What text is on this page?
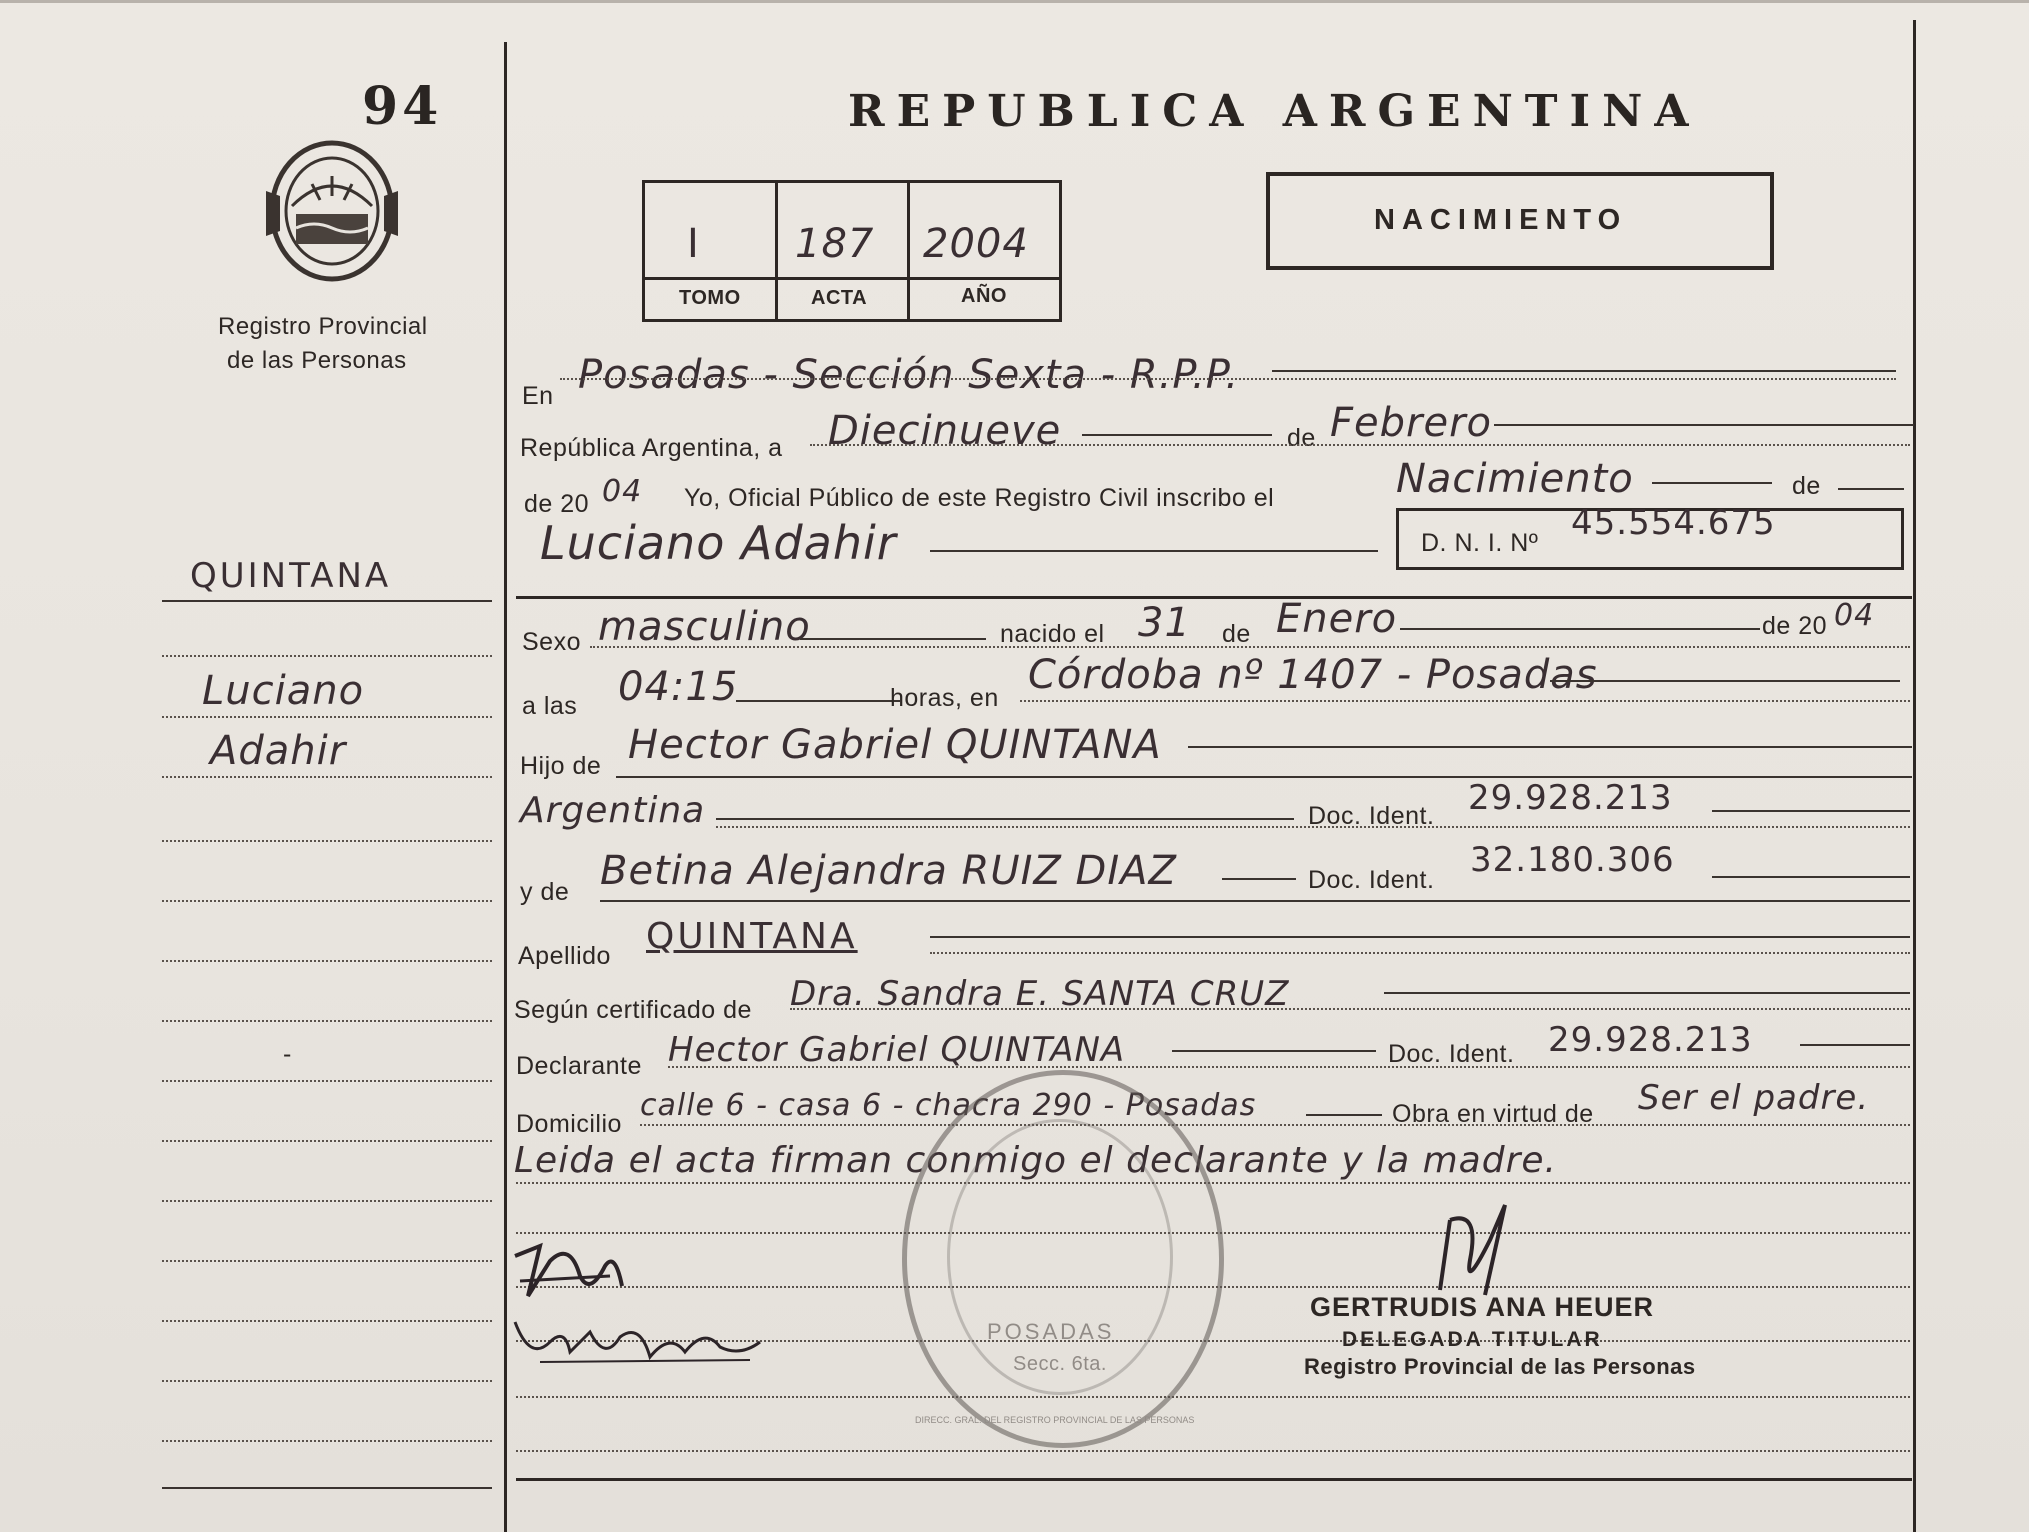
94
Registro Provincial
de las Personas
QUINTANA
Luciano
Adahir
-
REPUBLICA ARGENTINA
I 187 2004
TOMO	ACTA	AÑO
NACIMIENTO
En Posadas - Sección Sexta - R.P.P.
República Argentina, a Diecinueve	de Febrero
de 20 04 Yo, Oficial Público de este Registro Civil inscribo el	Nacimiento	de
Luciano Adahir	D. N. I. Nº 45.554.675
Sexo masculino	nacido el 31 de Enero	de 20 04
a las 04:15	horas, en Córdoba nº 1407 - Posadas
Hijo de Hector Gabriel QUINTANA
Argentina	Doc. Ident. 29.928.213
y de Betina Alejandra RUIZ DIAZ	Doc. Ident. 32.180.306
Apellido QUINTANA
Según certificado de Dra. Sandra E. SANTA CRUZ
Declarante Hector Gabriel QUINTANA	Doc. Ident. 29.928.213
Domicilio
calle 6 - casa 6 - chacra 290 - Posadas	Obra en virtud de Ser el padre.
Leida el acta firman conmigo el declarante y la madre.
GERTRUDIS ANA HEUER
DELEGADA TITULAR
Registro Provincial de las Personas
POSADAS
Secc. 6ta.
DIRECC. GRAL. DEL REGISTRO PROVINCIAL DE LAS PERSONAS
